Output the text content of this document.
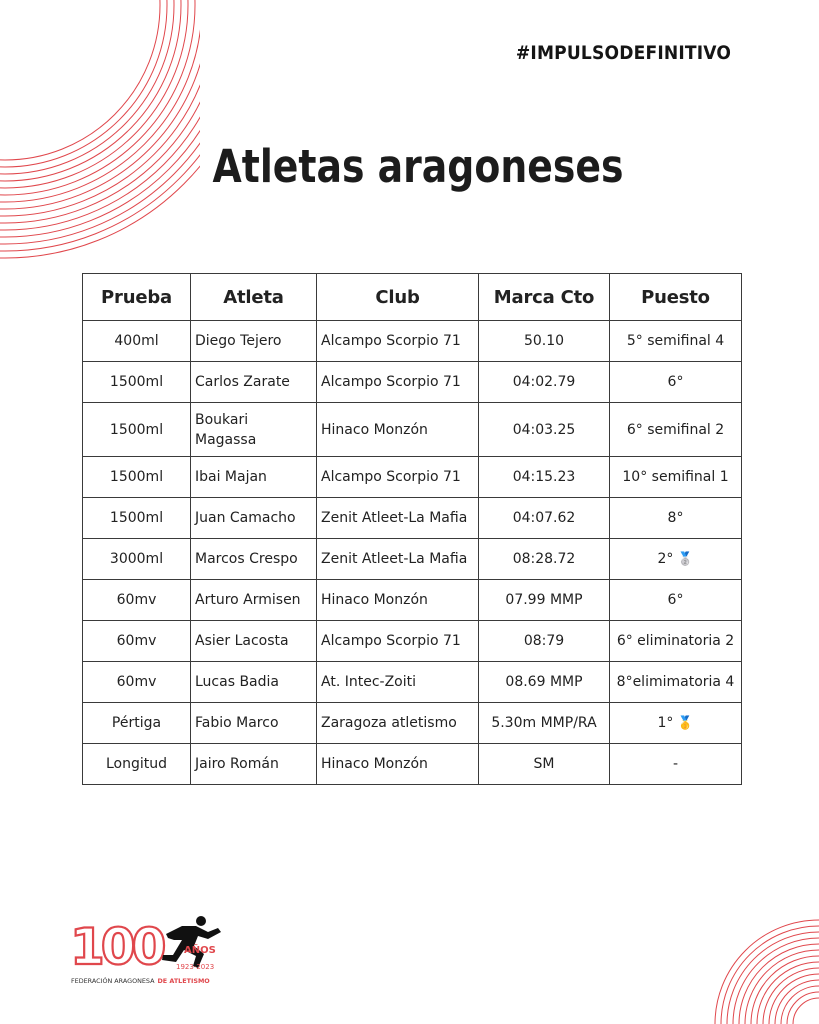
#IMPULSODEFINITIVO
Atletas aragoneses
Prueba	Atleta	Club	Marca Cto	Puesto
400ml	Diego Tejero	Alcampo Scorpio 71	50.10	5° semifinal 4
1500ml	Carlos Zarate	Alcampo Scorpio 71	04:02.79	6°
1500ml	Boukari Magassa	Hinaco Monzón	04:03.25	6° semifinal 2
1500ml	Ibai Majan	Alcampo Scorpio 71	04:15.23	10° semifinal 1
1500ml	Juan Camacho	Zenit Atleet-La Mafia	04:07.62	8°
3000ml	Marcos Crespo	Zenit Atleet-La Mafia	08:28.72	2° 🥈
60mv	Arturo Armisen	Hinaco Monzón	07.99 MMP	6°
60mv	Asier Lacosta	Alcampo Scorpio 71	08:79	6° eliminatoria 2
60mv	Lucas Badia	At. Intec-Zoiti	08.69 MMP	8°elimimatoria 4
Pértiga	Fabio Marco	Zaragoza atletismo	5.30m MMP/RA	1° 🥇
Longitud	Jairo Román	Hinaco Monzón	SM	-
100 AÑOS
1923-2023
FEDERACIÓN ARAGONESA DE ATLETISMO
